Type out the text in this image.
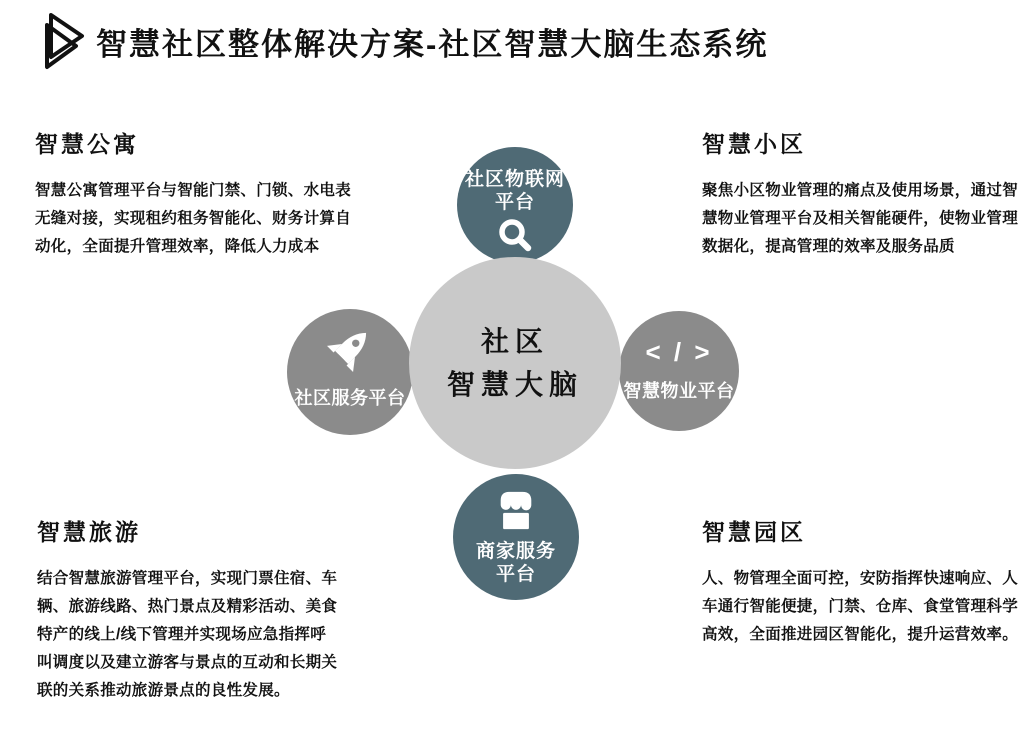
智慧社区整体解决方案-社区智慧大脑生态系统
智慧公寓

智慧公寓管理平台与智能门禁、门锁、水电表无缝对接，实现租约租务智能化、财务计算自动化，全面提升管理效率，降低人力成本

智慧小区

聚焦小区物业管理的痛点及使用场景，通过智慧物业管理平台及相关智能硬件，使物业管理数据化，提高管理的效率及服务品质

智慧旅游

结合智慧旅游管理平台，实现门票住宿、车辆、旅游线路、热门景点及精彩活动、美食特产的线上/线下管理并实现场应急指挥呼叫调度以及建立游客与景点的互动和长期关联的关系推动旅游景点的良性发展。

智慧园区

人、物管理全面可控，安防指挥快速响应、人车通行智能便捷，门禁、仓库、食堂管理科学高效，全面推进园区智能化，提升运营效率。

社区物联网
平台
社区服务平台
< / >
智慧物业平台
商家服务
平台
社区
智慧大脑
